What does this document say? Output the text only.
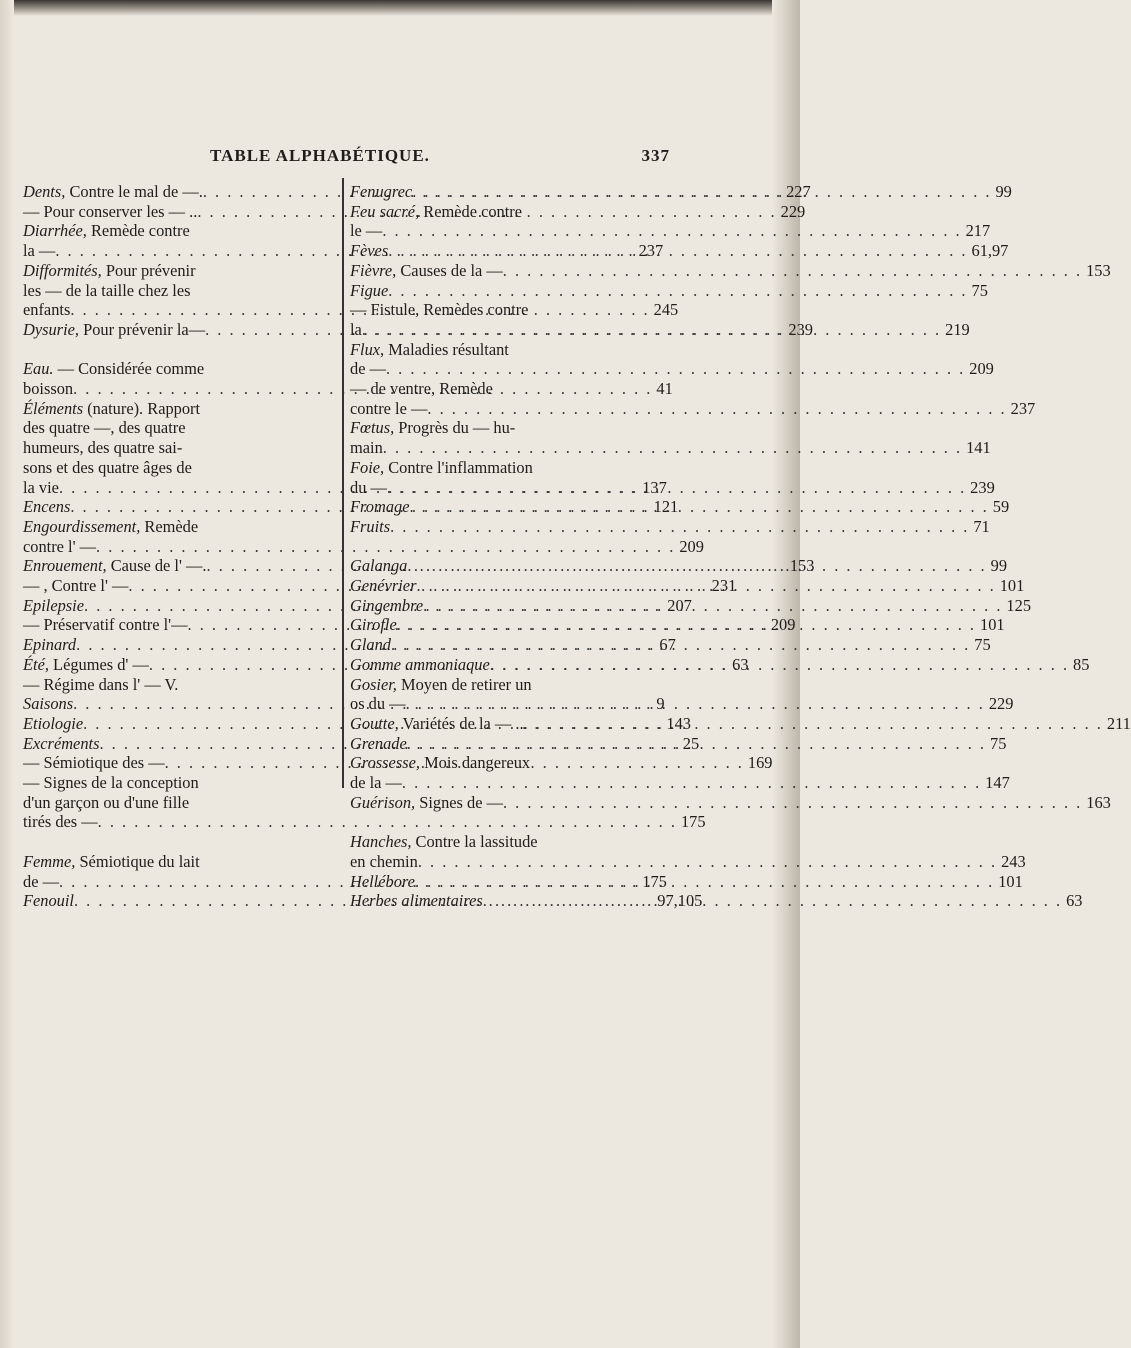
TABLE ALPHABÉTIQUE.	337
Dents, Contre le mal de —. . . .	227
— Pour conserver les — .. . . .	229
Diarrhée, Remède contre
la — . . .	237
Difformités, Pour prévenir
les — de la taille chez les
enfants . . .	245
Dysurie, Pour prévenir la— . . .	239
Eau. — Considérée comme
boisson . . .	41
Éléments (nature). Rapport
des quatre —, des quatre
humeurs, des quatre sai-
sons et des quatre âges de
la vie . . .	137
Encens . . .	121
Engourdissement, Remède
contre l' — . . .	209
Enrouement, Cause de l' —. . . .	153
— , Contre l' — . . .	231
Epilepsie . . .	207
— Préservatif contre l'— . . .	209
Epinard . . .	67
Été, Légumes d' — . . .	63
— Régime dans l' — V.
Saisons . . .	9
Etiologie . . .	143
Excréments . . .	25
— Sémiotique des — . . .	169
— Signes de la conception
d'un garçon ou d'une fille
tirés des — . . .	175
Femme, Sémiotique du lait
de — . . .	175
Fenouil . . .	97,105
Fenugrec . . .	99
Feu sacré, Remède contre
le — . . .	217
Fèves . . .	61,97
Fièvre, Causes de la — . . .	153
Figue . . .	75
— Fistule, Remèdes contre
la . . .	219
Flux, Maladies résultant
de — . . .	209
— de ventre, Remède
contre le — . . .	237
Fœtus, Progrès du — hu-
main . . .	141
Foie, Contre l'inflammation
du — . . .	239
Fromage . . .	59
Fruits . . .	71
Galanga . . .	99
Genévrier . . .	101
Gingembre . . .	125
Girofle . . .	101
Gland . . .	75
Gomme ammoniaque . . .	85
Gosier, Moyen de retirer un
os du — . . .	229
Goutte, Variétés de la — .. . . .	211
Grenade . . .	75
Grossesse, Mois dangereux
de la — . . .	147
Guérison, Signes de — . . .	163
Hanches, Contre la lassitude
en chemin . . .	243
Hellébore . . .	101
Herbes alimentaires . . .	63
